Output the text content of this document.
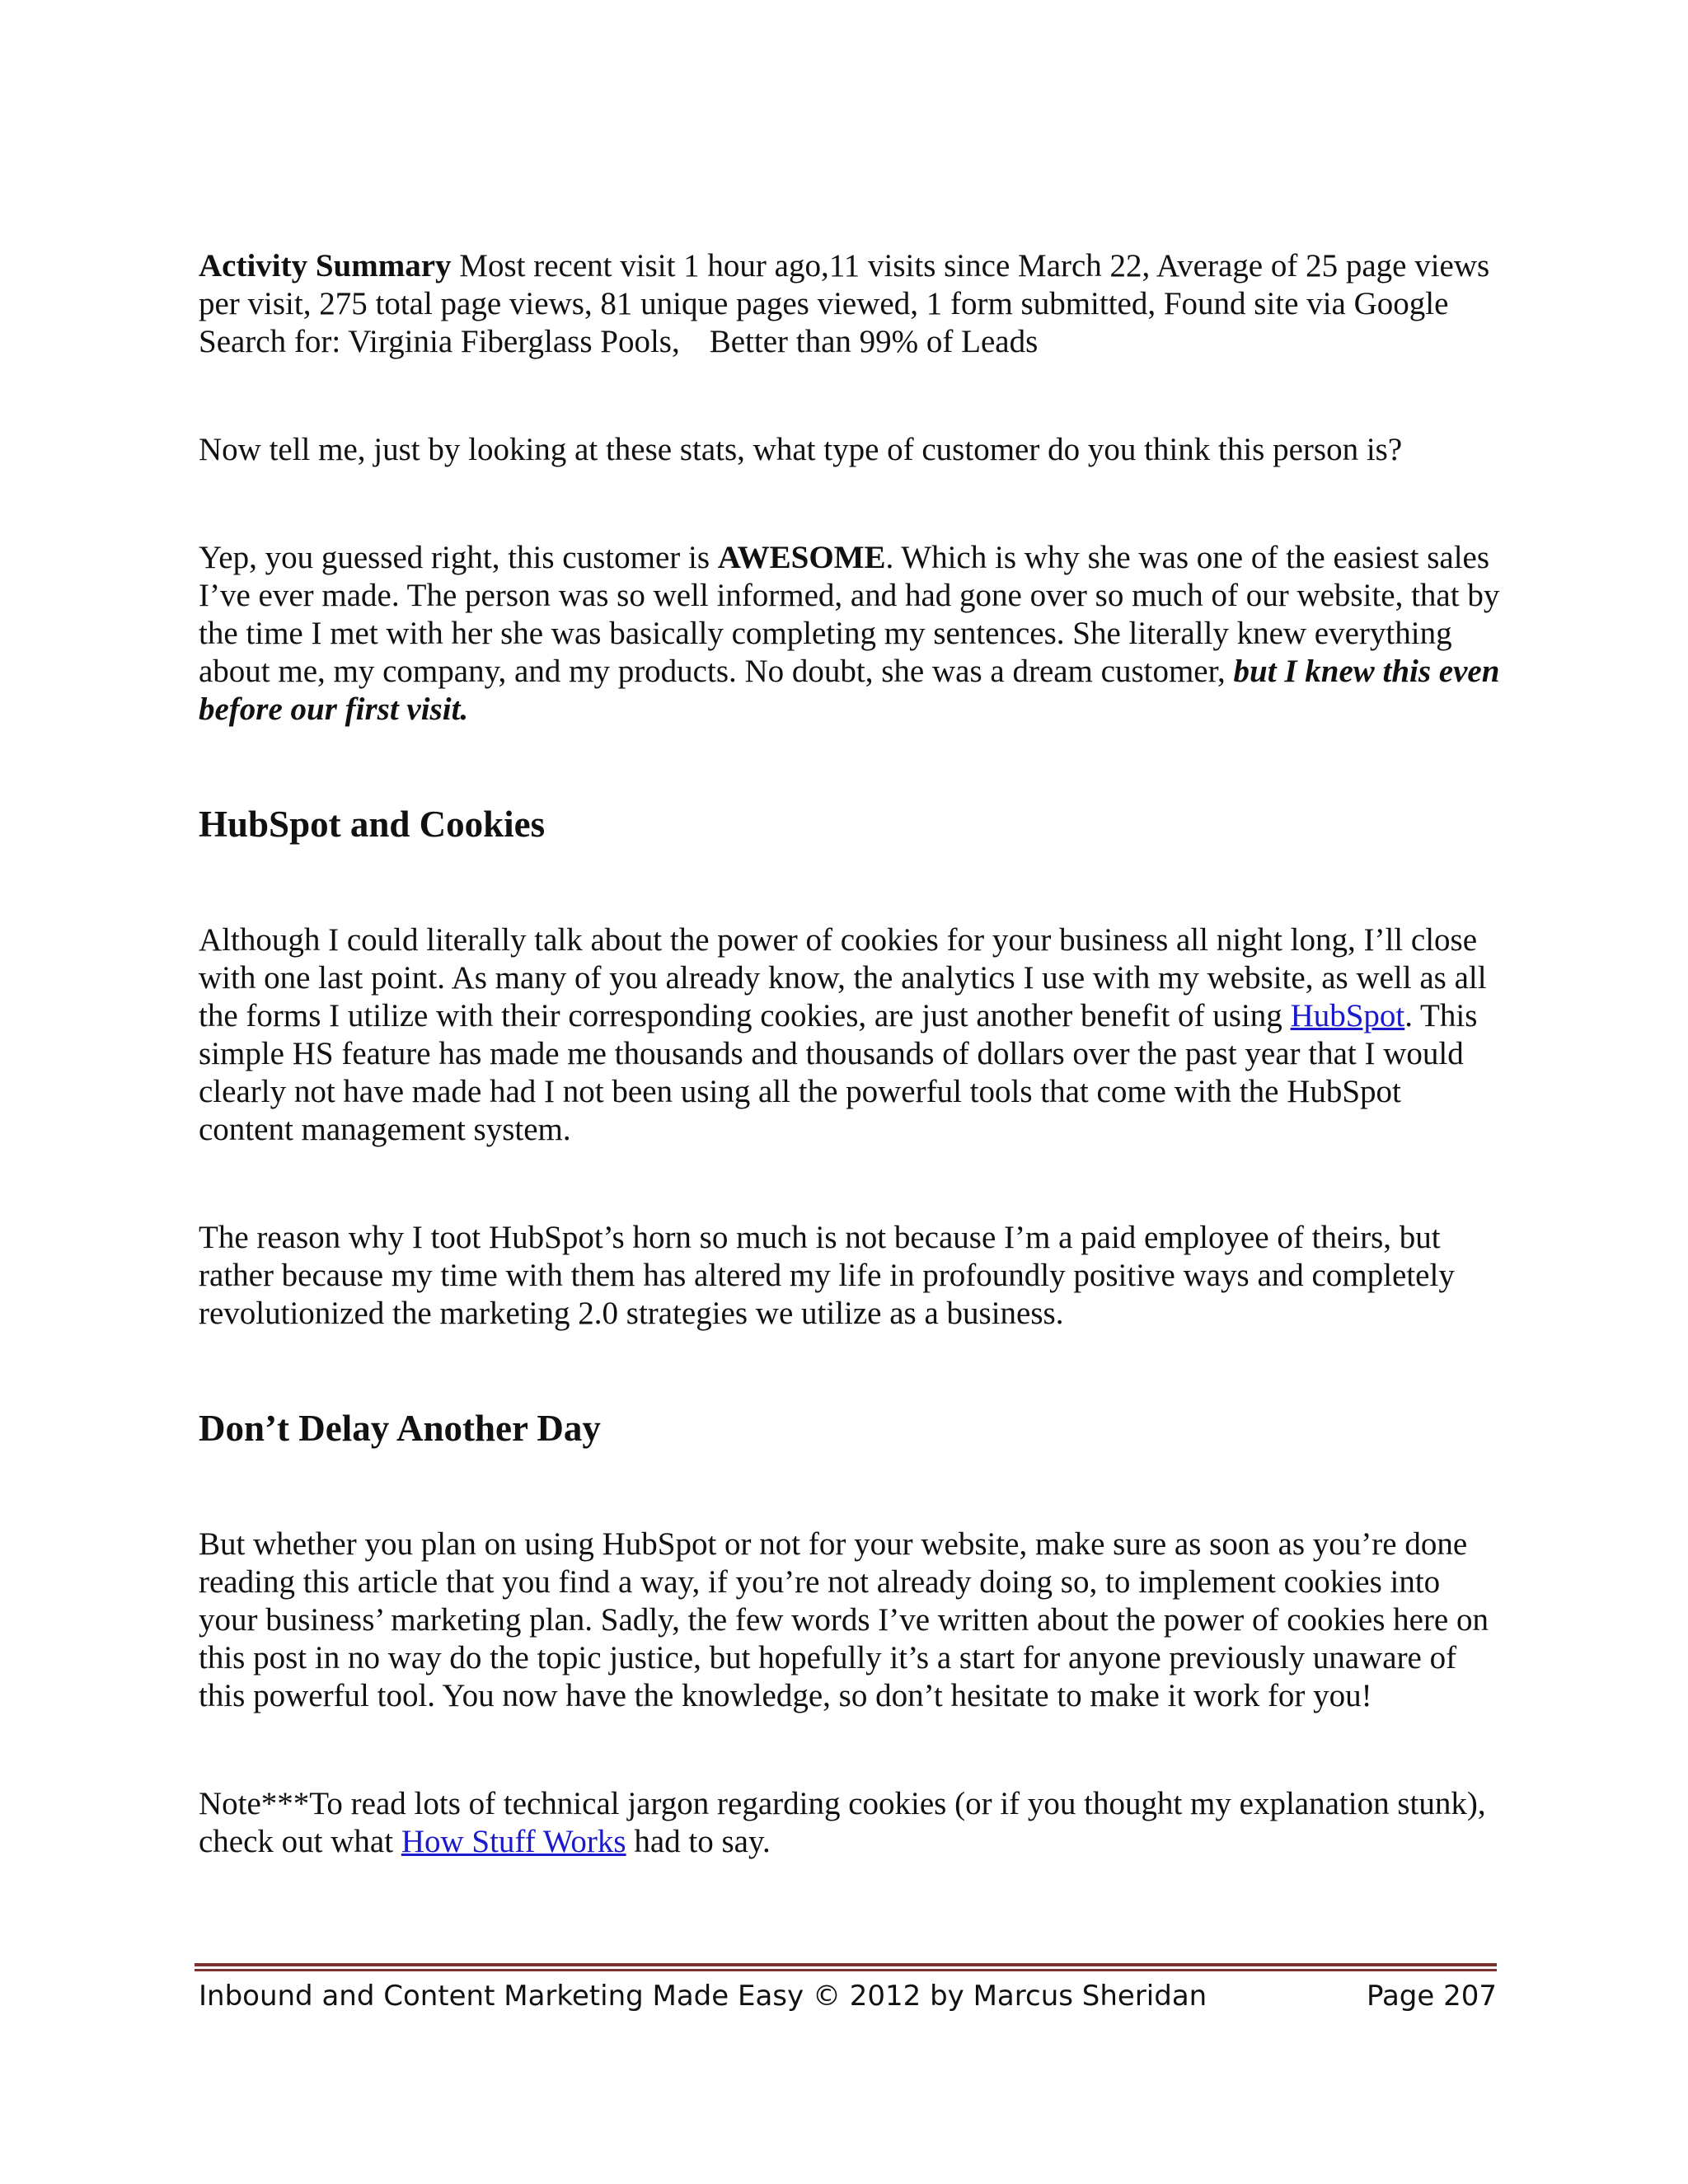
Activity Summary Most recent visit 1 hour ago,11 visits since March 22, Average of 25 page views per visit, 275 total page views, 81 unique pages viewed, 1 form submitted, Found site via Google Search for: Virginia Fiberglass Pools, Better than 99% of Leads

Now tell me, just by looking at these stats, what type of customer do you think this person is?

Yep, you guessed right, this customer is AWESOME. Which is why she was one of the easiest sales I’ve ever made. The person was so well informed, and had gone over so much of our website, that by the time I met with her she was basically completing my sentences. She literally knew everything about me, my company, and my products. No doubt, she was a dream customer, but I knew this even before our first visit.

HubSpot and Cookies

Although I could literally talk about the power of cookies for your business all night long, I’ll close with one last point. As many of you already know, the analytics I use with my website, as well as all the forms I utilize with their corresponding cookies, are just another benefit of using HubSpot. This simple HS feature has made me thousands and thousands of dollars over the past year that I would clearly not have made had I not been using all the powerful tools that come with the HubSpot content management system.

The reason why I toot HubSpot’s horn so much is not because I’m a paid employee of theirs, but rather because my time with them has altered my life in profoundly positive ways and completely revolutionized the marketing 2.0 strategies we utilize as a business.

Don’t Delay Another Day

But whether you plan on using HubSpot or not for your website, make sure as soon as you’re done reading this article that you find a way, if you’re not already doing so, to implement cookies into your business’ marketing plan. Sadly, the few words I’ve written about the power of cookies here on this post in no way do the topic justice, but hopefully it’s a start for anyone previously unaware of this powerful tool. You now have the knowledge, so don’t hesitate to make it work for you!

Note***To read lots of technical jargon regarding cookies (or if you thought my explanation stunk), check out what How Stuff Works had to say.

Inbound and Content Marketing Made Easy © 2012 by Marcus Sheridan	Page 207
